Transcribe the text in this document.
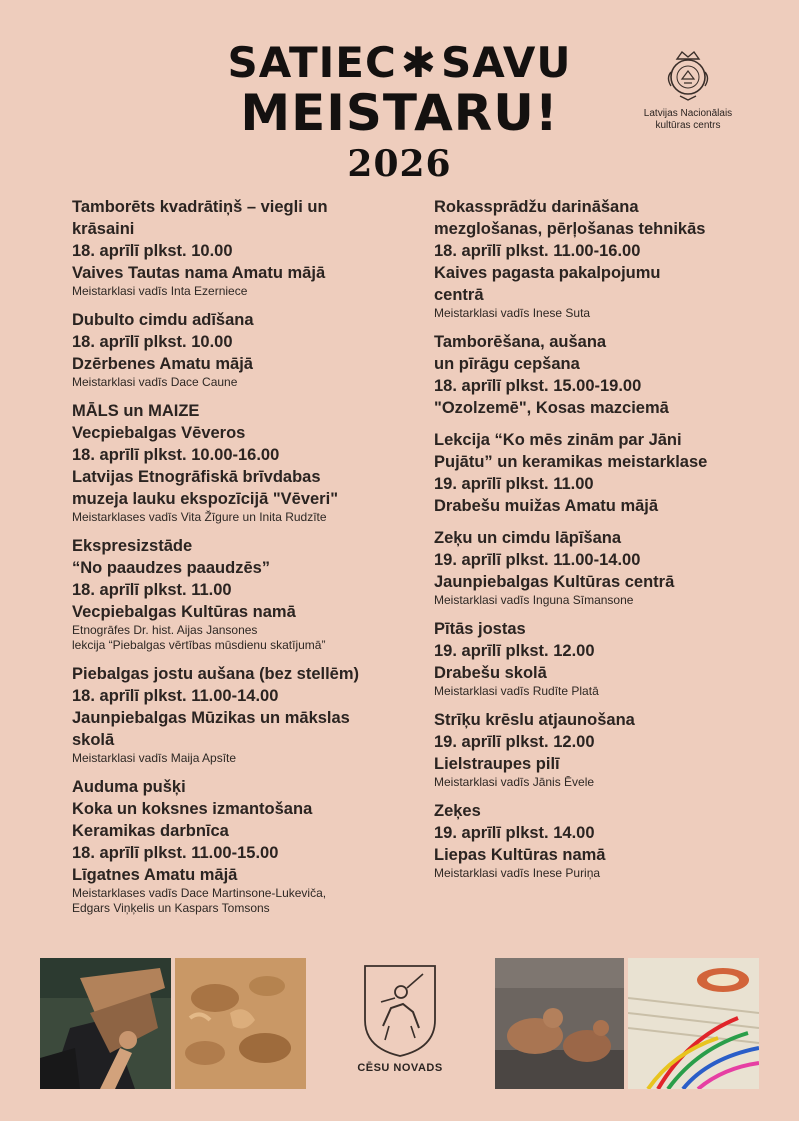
SATIEC✱SAVU
MEISTARU!
2026
Latvijas Nacionālais
kultūras centrs
Tamborēts kvadrātiņš – viegli un
krāsaini
18. aprīlī plkst. 10.00
Vaives Tautas nama Amatu mājā
Meistarklasi vadīs Inta Ezerniece
Dubulto cimdu adīšana
18. aprīlī plkst. 10.00
Dzērbenes Amatu mājā
Meistarklasi vadīs Dace Caune
MĀLS un MAIZE
Vecpiebalgas Vēveros
18. aprīlī plkst. 10.00-16.00
Latvijas Etnogrāfiskā brīvdabas
muzeja lauku ekspozīcijā "Vēveri"
Meistarklases vadīs Vita Žīgure un Inita Rudzīte
Ekspresizstāde
“No paaudzes paaudzēs”
18. aprīlī plkst. 11.00
Vecpiebalgas Kultūras namā
Etnogrāfes Dr. hist. Aijas Jansones
lekcija “Piebalgas vērtības mūsdienu skatījumā”
Piebalgas jostu aušana (bez stellēm)
18. aprīlī plkst. 11.00-14.00
Jaunpiebalgas Mūzikas un mākslas
skolā
Meistarklasi vadīs Maija Apsīte
Auduma pušķi
Koka un koksnes izmantošana
Keramikas darbnīca
18. aprīlī plkst. 11.00-15.00
Līgatnes Amatu mājā
Meistarklases vadīs Dace Martinsone-Lukeviča,
Edgars Viņķelis un Kaspars Tomsons
Rokassprādžu darināšana
mezglošanas, pērļošanas tehnikās
18. aprīlī plkst. 11.00-16.00
Kaives pagasta pakalpojumu
centrā
Meistarklasi vadīs Inese Suta
Tamborēšana, aušana
un pīrāgu cepšana
18. aprīlī plkst. 15.00-19.00
"Ozolzemē", Kosas mazciemā
Lekcija “Ko mēs zinām par Jāni
Pujātu” un keramikas meistarklase
19. aprīlī plkst. 11.00
Drabešu muižas Amatu mājā
Zeķu un cimdu lāpīšana
19. aprīlī plkst. 11.00-14.00
Jaunpiebalgas Kultūras centrā
Meistarklasi vadīs Inguna Sīmansone
Pītās jostas
19. aprīlī plkst. 12.00
Drabešu skolā
Meistarklasi vadīs Rudīte Platā
Strīķu krēslu atjaunošana
19. aprīlī plkst. 12.00
Lielstraupes pilī
Meistarklasi vadīs Jānis Ēvele
Zeķes
19. aprīlī plkst. 14.00
Liepas Kultūras namā
Meistarklasi vadīs Inese Puriņa
CĒSU NOVADS
